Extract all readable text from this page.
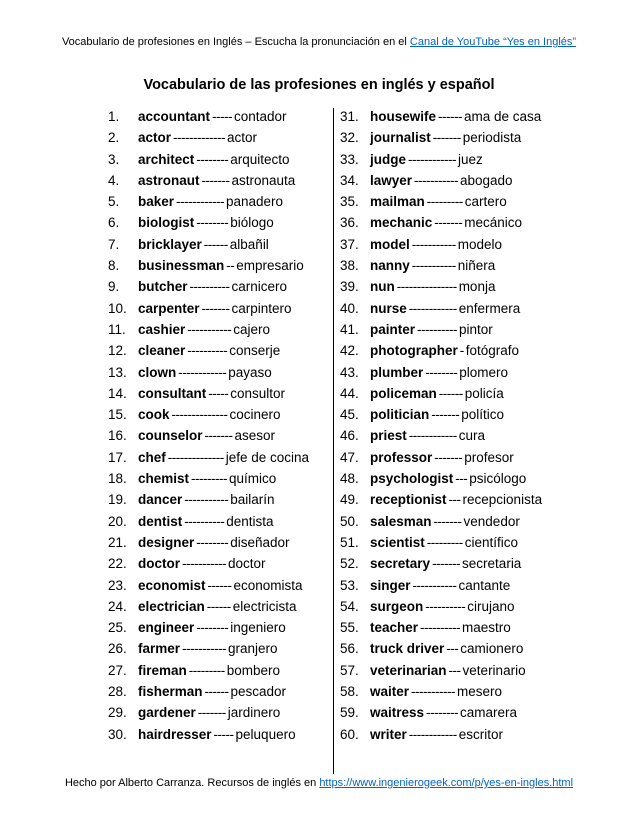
Vocabulario de profesiones en Inglés – Escucha la pronunciación en el Canal de YouTube “Yes en Inglés”
Vocabulario de las profesiones en inglés y español
1.	accountant ----- contador
2.	actor ------------- actor
3.	architect -------- arquitecto
4.	astronaut ------- astronauta
5.	baker ------------ panadero
6.	biologist -------- biólogo
7.	bricklayer ------ albañil
8.	businessman -- empresario
9.	butcher ---------- carnicero
10. carpenter ------- carpintero
11. cashier ----------- cajero
12. cleaner ---------- conserje
13. clown ------------ payaso
14. consultant ----- consultor
15. cook -------------- cocinero
16. counselor ------- asesor
17. chef -------------- jefe de cocina
18. chemist --------- químico
19. dancer ----------- bailarín
20. dentist ---------- dentista
21. designer -------- diseñador
22. doctor ----------- doctor
23. economist ------ economista
24. electrician ------ electricista
25. engineer -------- ingeniero
26. farmer ----------- granjero
27. fireman --------- bombero
28. fisherman ------ pescador
29. gardener ------- jardinero
30. hairdresser ----- peluquero
31. housewife ------ ama de casa
32. journalist ------- periodista
33. judge ------------ juez
34. lawyer ----------- abogado
35. mailman --------- cartero
36. mechanic ------- mecánico
37. model ----------- modelo
38. nanny ----------- niñera
39. nun --------------- monja
40. nurse ------------ enfermera
41. painter ---------- pintor
42. photographer - fotógrafo
43. plumber -------- plomero
44. policeman ------ policía
45. politician ------- político
46. priest ------------ cura
47. professor ------- profesor
48. psychologist --- psicólogo
49. receptionist --- recepcionista
50. salesman ------- vendedor
51. scientist --------- científico
52. secretary ------- secretaria
53. singer ----------- cantante
54. surgeon ---------- cirujano
55. teacher ---------- maestro
56. truck driver --- camionero
57. veterinarian --- veterinario
58. waiter ----------- mesero
59. waitress -------- camarera
60. writer ------------ escritor
Hecho por Alberto Carranza. Recursos de inglés en https://www.ingenierogeek.com/p/yes-en-ingles.html
